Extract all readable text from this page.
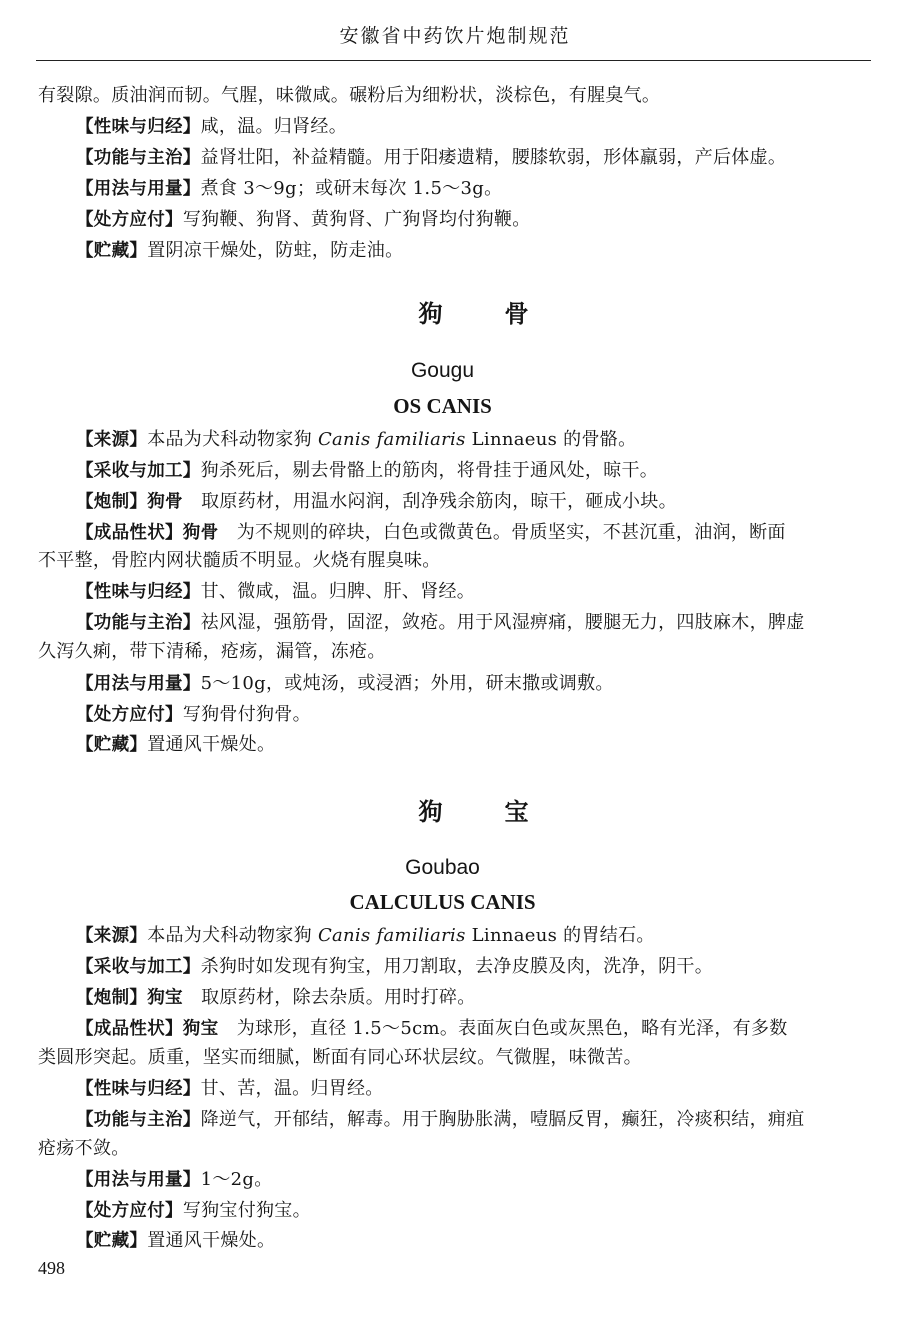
安徽省中药饮片炮制规范
有裂隙。质油润而韧。气腥，味微咸。碾粉后为细粉状，淡棕色，有腥臭气。
【性味与归经】咸，温。归肾经。
【功能与主治】益肾壮阳，补益精髓。用于阳痿遗精，腰膝软弱，形体羸弱，产后体虚。
【用法与用量】煮食 3～9g；或研末每次 1.5～3g。
【处方应付】写狗鞭、狗肾、黄狗肾、广狗肾均付狗鞭。
【贮藏】置阴凉干燥处，防蛀，防走油。
狗骨
Gougu
OS CANIS
【来源】本品为犬科动物家狗 Canis familiaris Linnaeus 的骨骼。
【采收与加工】狗杀死后，剔去骨骼上的筋肉，将骨挂于通风处，晾干。
【炮制】狗骨　取原药材，用温水闷润，刮净残余筋肉，晾干，砸成小块。
【成品性状】狗骨　为不规则的碎块，白色或微黄色。骨质坚实，不甚沉重，油润，断面
不平整，骨腔内网状髓质不明显。火烧有腥臭味。
【性味与归经】甘、微咸，温。归脾、肝、肾经。
【功能与主治】祛风湿，强筋骨，固涩，敛疮。用于风湿痹痛，腰腿无力，四肢麻木，脾虚
久泻久痢，带下清稀，疮疡，漏管，冻疮。
【用法与用量】5～10g，或炖汤，或浸酒；外用，研末撒或调敷。
【处方应付】写狗骨付狗骨。
【贮藏】置通风干燥处。
狗宝
Goubao
CALCULUS CANIS
【来源】本品为犬科动物家狗 Canis familiaris Linnaeus 的胃结石。
【采收与加工】杀狗时如发现有狗宝，用刀割取，去净皮膜及肉，洗净，阴干。
【炮制】狗宝　取原药材，除去杂质。用时打碎。
【成品性状】狗宝　为球形，直径 1.5～5cm。表面灰白色或灰黑色，略有光泽，有多数
类圆形突起。质重，坚实而细腻，断面有同心环状层纹。气微腥，味微苦。
【性味与归经】甘、苦，温。归胃经。
【功能与主治】降逆气，开郁结，解毒。用于胸胁胀满，噎膈反胃，癫狂，冷痰积结，痈疽
疮疡不敛。
【用法与用量】1～2g。
【处方应付】写狗宝付狗宝。
【贮藏】置通风干燥处。
498
